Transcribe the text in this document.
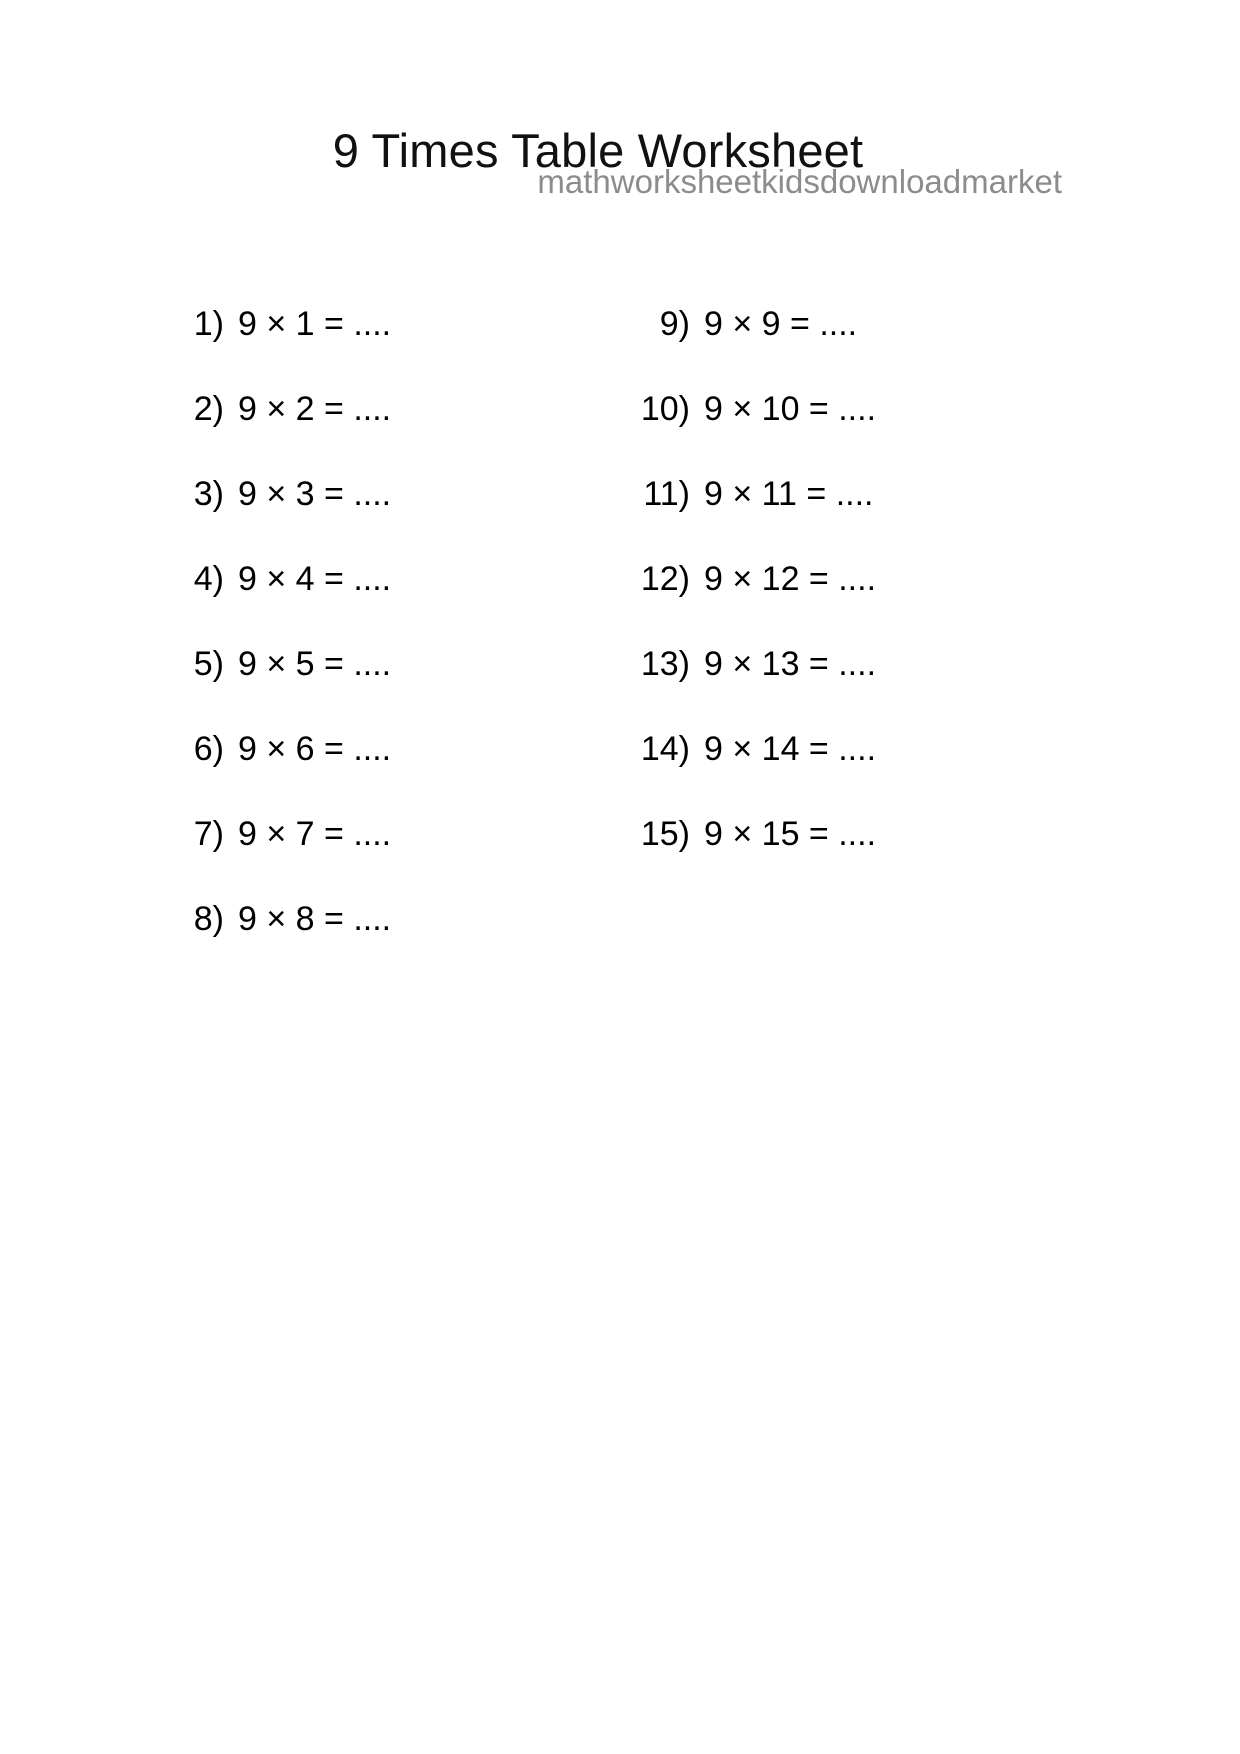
9 Times Table Worksheet
mathworksheetkidsdownloadmarket
1) 9 × 1 = ....
2) 9 × 2 = ....
3) 9 × 3 = ....
4) 9 × 4 = ....
5) 9 × 5 = ....
6) 9 × 6 = ....
7) 9 × 7 = ....
8) 9 × 8 = ....
9) 9 × 9 = ....
10) 9 × 10 = ....
11) 9 × 11 = ....
12) 9 × 12 = ....
13) 9 × 13 = ....
14) 9 × 14 = ....
15) 9 × 15 = ....
